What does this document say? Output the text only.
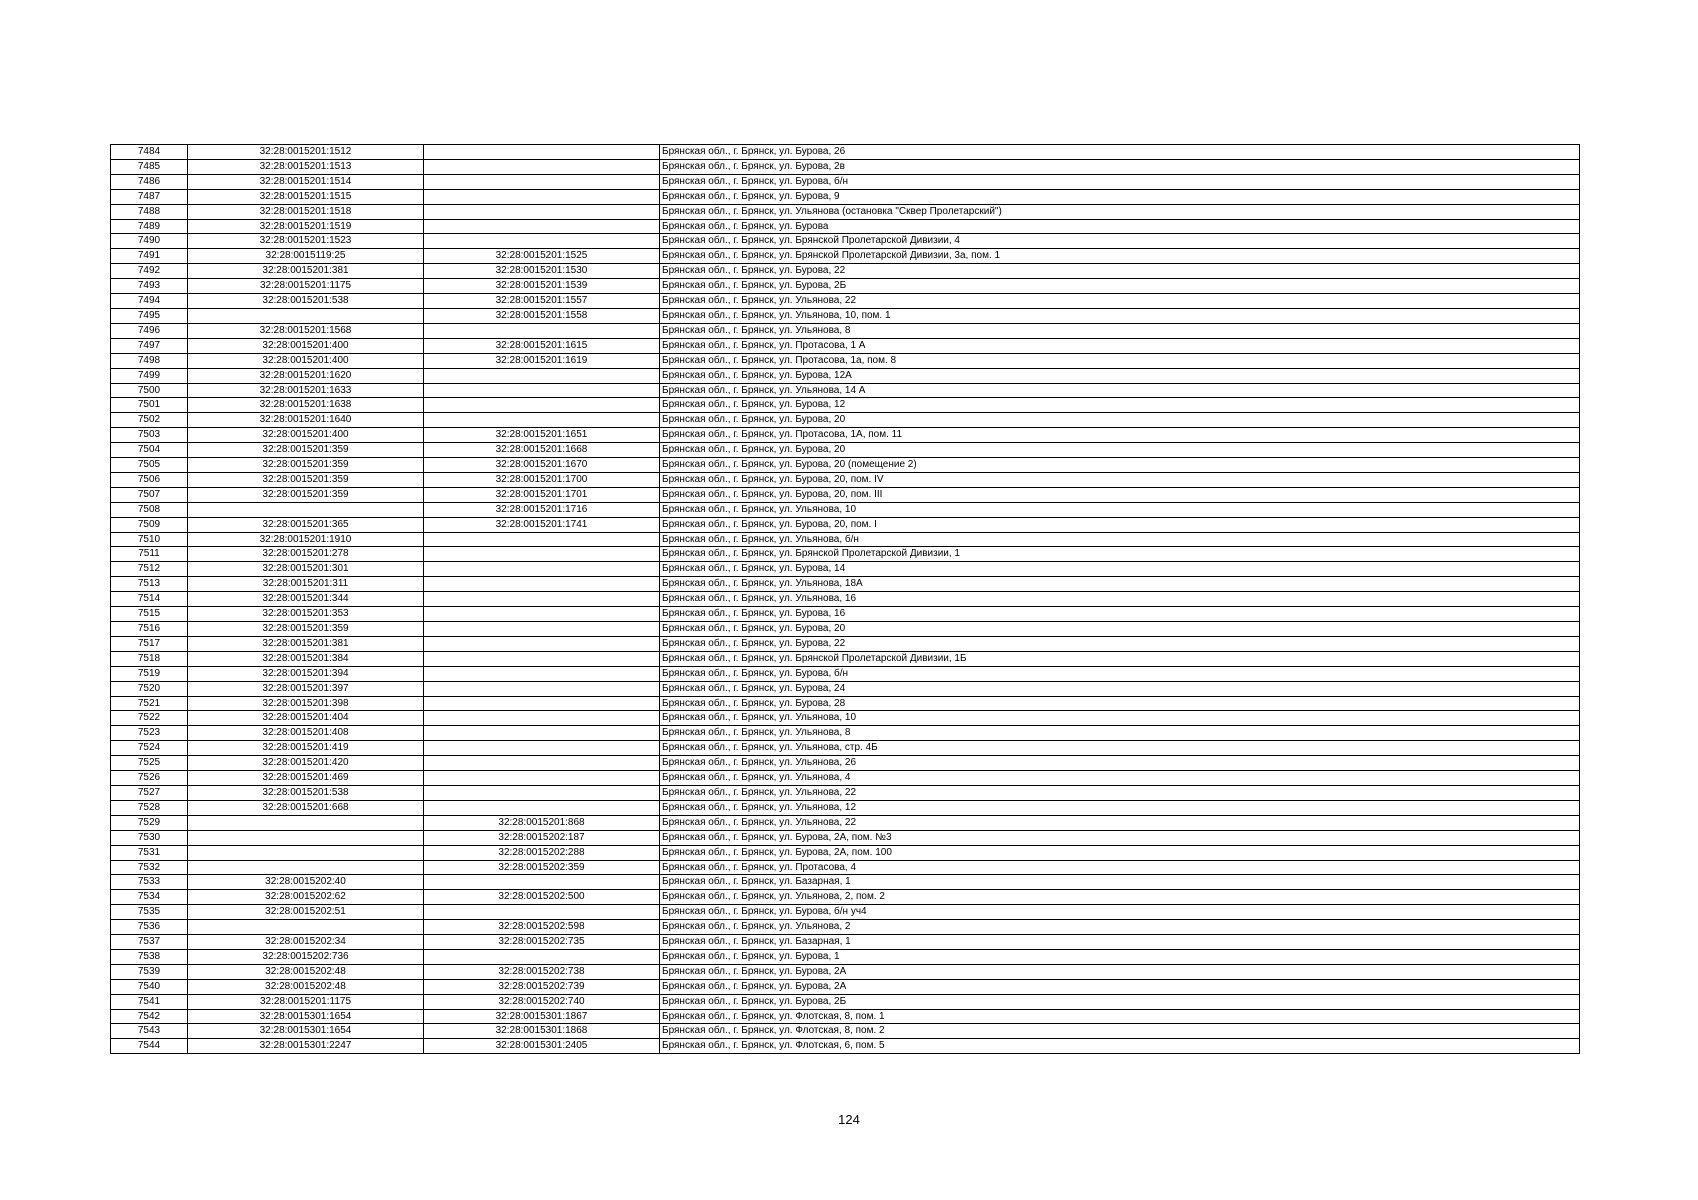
7484	32:28:0015201:1512		Брянская обл., г. Брянск, ул. Бурова, 26
7485	32:28:0015201:1513		Брянская обл., г. Брянск, ул. Бурова, 2в
7486	32:28:0015201:1514		Брянская обл., г. Брянск, ул. Бурова, б/н
7487	32:28:0015201:1515		Брянская обл., г. Брянск, ул. Бурова, 9
7488	32:28:0015201:1518		Брянская обл., г. Брянск, ул. Ульянова (остановка "Сквер Пролетарский")
7489	32:28:0015201:1519		Брянская обл., г. Брянск, ул. Бурова
7490	32:28:0015201:1523		Брянская обл., г. Брянск, ул. Брянской Пролетарской Дивизии, 4
7491	32:28:0015119:25	32:28:0015201:1525	Брянская обл., г. Брянск, ул. Брянской Пролетарской Дивизии, 3а, пом. 1
7492	32:28:0015201:381	32:28:0015201:1530	Брянская обл., г. Брянск, ул. Бурова, 22
7493	32:28:0015201:1175	32:28:0015201:1539	Брянская обл., г. Брянск, ул. Бурова, 2Б
7494	32:28:0015201:538	32:28:0015201:1557	Брянская обл., г. Брянск, ул. Ульянова, 22
7495		32:28:0015201:1558	Брянская обл., г. Брянск, ул. Ульянова, 10, пом. 1
7496	32:28:0015201:1568		Брянская обл., г. Брянск, ул. Ульянова, 8
7497	32:28:0015201:400	32:28:0015201:1615	Брянская обл., г. Брянск, ул. Протасова, 1 А
7498	32:28:0015201:400	32:28:0015201:1619	Брянская обл., г. Брянск, ул. Протасова, 1а, пом. 8
7499	32:28:0015201:1620		Брянская обл., г. Брянск, ул. Бурова, 12А
7500	32:28:0015201:1633		Брянская обл., г. Брянск, ул. Ульянова, 14 А
7501	32:28:0015201:1638		Брянская обл., г. Брянск, ул. Бурова, 12
7502	32:28:0015201:1640		Брянская обл., г. Брянск, ул. Бурова, 20
7503	32:28:0015201:400	32:28:0015201:1651	Брянская обл., г. Брянск, ул. Протасова, 1А, пом. 11
7504	32:28:0015201:359	32:28:0015201:1668	Брянская обл., г. Брянск, ул. Бурова, 20
7505	32:28:0015201:359	32:28:0015201:1670	Брянская обл., г. Брянск, ул. Бурова, 20 (помещение 2)
7506	32:28:0015201:359	32:28:0015201:1700	Брянская обл., г. Брянск, ул. Бурова, 20, пом. IV
7507	32:28:0015201:359	32:28:0015201:1701	Брянская обл., г. Брянск, ул. Бурова, 20, пом. III
7508		32:28:0015201:1716	Брянская обл., г. Брянск, ул. Ульянова, 10
7509	32:28:0015201:365	32:28:0015201:1741	Брянская обл., г. Брянск, ул. Бурова, 20, пом. I
7510	32:28:0015201:1910		Брянская обл., г. Брянск, ул. Ульянова, б/н
7511	32:28:0015201:278		Брянская обл., г. Брянск, ул. Брянской Пролетарской Дивизии, 1
7512	32:28:0015201:301		Брянская обл., г. Брянск, ул. Бурова, 14
7513	32:28:0015201:311		Брянская обл., г. Брянск, ул. Ульянова, 18А
7514	32:28:0015201:344		Брянская обл., г. Брянск, ул. Ульянова, 16
7515	32:28:0015201:353		Брянская обл., г. Брянск, ул. Бурова, 16
7516	32:28:0015201:359		Брянская обл., г. Брянск, ул. Бурова, 20
7517	32:28:0015201:381		Брянская обл., г. Брянск, ул. Бурова, 22
7518	32:28:0015201:384		Брянская обл., г. Брянск, ул. Брянской Пролетарской Дивизии, 1Б
7519	32:28:0015201:394		Брянская обл., г. Брянск, ул. Бурова, б/н
7520	32:28:0015201:397		Брянская обл., г. Брянск, ул. Бурова, 24
7521	32:28:0015201:398		Брянская обл., г. Брянск, ул. Бурова, 28
7522	32:28:0015201:404		Брянская обл., г. Брянск, ул. Ульянова, 10
7523	32:28:0015201:408		Брянская обл., г. Брянск, ул. Ульянова, 8
7524	32:28:0015201:419		Брянская обл., г. Брянск, ул. Ульянова, стр. 4Б
7525	32:28:0015201:420		Брянская обл., г. Брянск, ул. Ульянова, 26
7526	32:28:0015201:469		Брянская обл., г. Брянск, ул. Ульянова, 4
7527	32:28:0015201:538		Брянская обл., г. Брянск, ул. Ульянова, 22
7528	32:28:0015201:668		Брянская обл., г. Брянск, ул. Ульянова, 12
7529		32:28:0015201:868	Брянская обл., г. Брянск, ул. Ульянова, 22
7530		32:28:0015202:187	Брянская обл., г. Брянск, ул. Бурова, 2А, пом. №3
7531		32:28:0015202:288	Брянская обл., г. Брянск, ул. Бурова, 2А, пом. 100
7532		32:28:0015202:359	Брянская обл., г. Брянск, ул. Протасова, 4
7533	32:28:0015202:40		Брянская обл., г. Брянск, ул. Базарная, 1
7534	32:28:0015202:62	32:28:0015202:500	Брянская обл., г. Брянск, ул. Ульянова, 2, пом. 2
7535	32:28:0015202:51		Брянская обл., г. Брянск, ул. Бурова, б/н уч4
7536		32:28:0015202:598	Брянская обл., г. Брянск, ул. Ульянова, 2
7537	32:28:0015202:34	32:28:0015202:735	Брянская обл., г. Брянск, ул. Базарная, 1
7538	32:28:0015202:736		Брянская обл., г. Брянск, ул. Бурова, 1
7539	32:28:0015202:48	32:28:0015202:738	Брянская обл., г. Брянск, ул. Бурова, 2А
7540	32:28:0015202:48	32:28:0015202:739	Брянская обл., г. Брянск, ул. Бурова, 2А
7541	32:28:0015201:1175	32:28:0015202:740	Брянская обл., г. Брянск, ул. Бурова, 2Б
7542	32:28:0015301:1654	32:28:0015301:1867	Брянская обл., г. Брянск, ул. Флотская, 8, пом. 1
7543	32:28:0015301:1654	32:28:0015301:1868	Брянская обл., г. Брянск, ул. Флотская, 8, пом. 2
7544	32:28:0015301:2247	32:28:0015301:2405	Брянская обл., г. Брянск, ул. Флотская, 6, пом. 5
124
